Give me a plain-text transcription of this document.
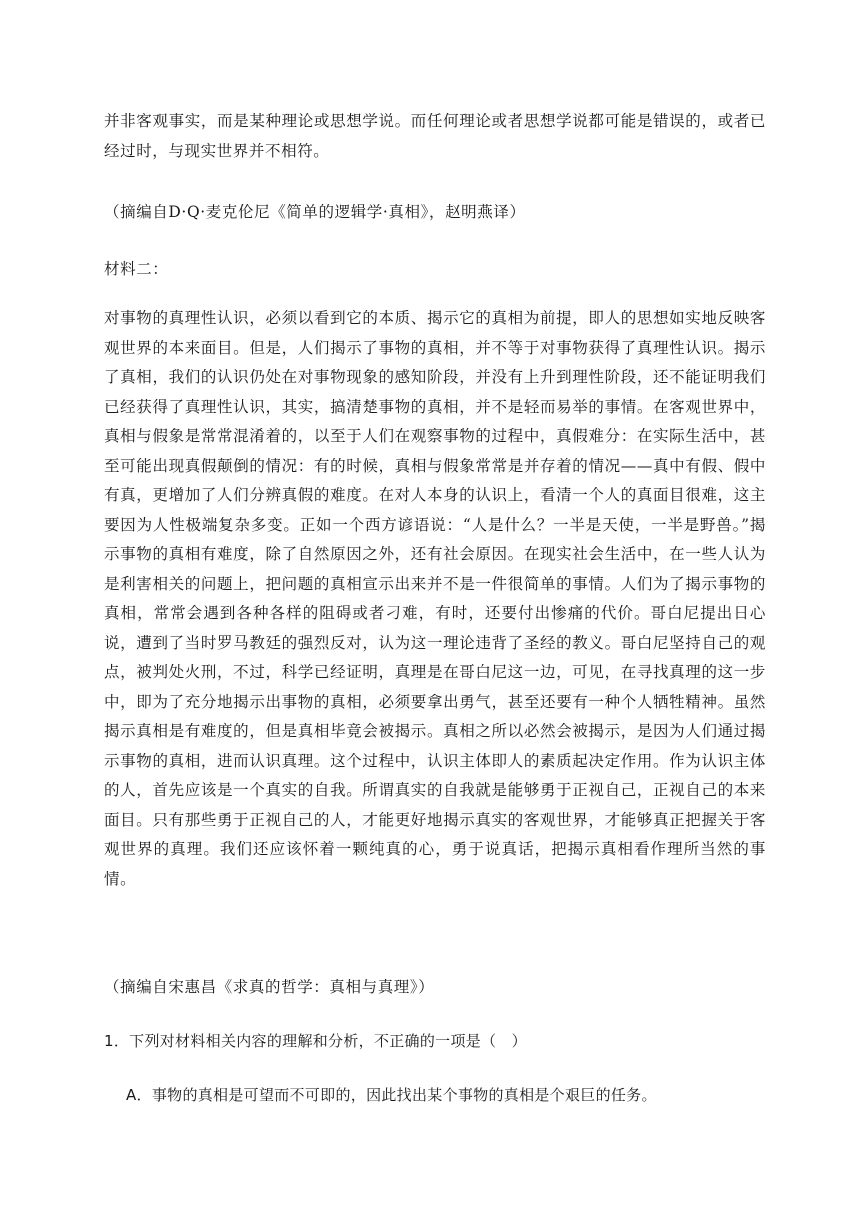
并非客观事实，而是某种理论或思想学说。而任何理论或者思想学说都可能是错误的，或者已经过时，与现实世界并不相符。

（摘编自D·Q·麦克伦尼《简单的逻辑学·真相》，赵明燕译）

材料二：

对事物的真理性认识，必须以看到它的本质、揭示它的真相为前提，即人的思想如实地反映客观世界的本来面目。但是，人们揭示了事物的真相，并不等于对事物获得了真理性认识。揭示了真相，我们的认识仍处在对事物现象的感知阶段，并没有上升到理性阶段，还不能证明我们已经获得了真理性认识，其实，搞清楚事物的真相，并不是轻而易举的事情。在客观世界中，真相与假象是常常混淆着的，以至于人们在观察事物的过程中，真假难分：在实际生活中，甚至可能出现真假颠倒的情况：有的时候，真相与假象常常是并存着的情况——真中有假、假中有真，更增加了人们分辨真假的难度。在对人本身的认识上，看清一个人的真面目很难，这主要因为人性极端复杂多变。正如一个西方谚语说：“人是什么？一半是天使，一半是野兽。”揭示事物的真相有难度，除了自然原因之外，还有社会原因。在现实社会生活中，在一些人认为是利害相关的问题上，把问题的真相宣示出来并不是一件很简单的事情。人们为了揭示事物的真相，常常会遇到各种各样的阻碍或者刁难，有时，还要付出惨痛的代价。哥白尼提出日心说，遭到了当时罗马教廷的强烈反对，认为这一理论违背了圣经的教义。哥白尼坚持自己的观点，被判处火刑，不过，科学已经证明，真理是在哥白尼这一边，可见，在寻找真理的这一步中，即为了充分地揭示出事物的真相，必须要拿出勇气，甚至还要有一种个人牺牲精神。虽然揭示真相是有难度的，但是真相毕竟会被揭示。真相之所以必然会被揭示，是因为人们通过揭示事物的真相，进而认识真理。这个过程中，认识主体即人的素质起决定作用。作为认识主体的人，首先应该是一个真实的自我。所谓真实的自我就是能够勇于正视自己，正视自己的本来面目。只有那些勇于正视自己的人，才能更好地揭示真实的客观世界，才能够真正把握关于客观世界的真理。我们还应该怀着一颗纯真的心，勇于说真话，把揭示真相看作理所当然的事情。

（摘编自宋惠昌《求真的哲学：真相与真理》）

1．下列对材料相关内容的理解和分析，不正确的一项是（　）

A．事物的真相是可望而不可即的，因此找出某个事物的真相是个艰巨的任务。
